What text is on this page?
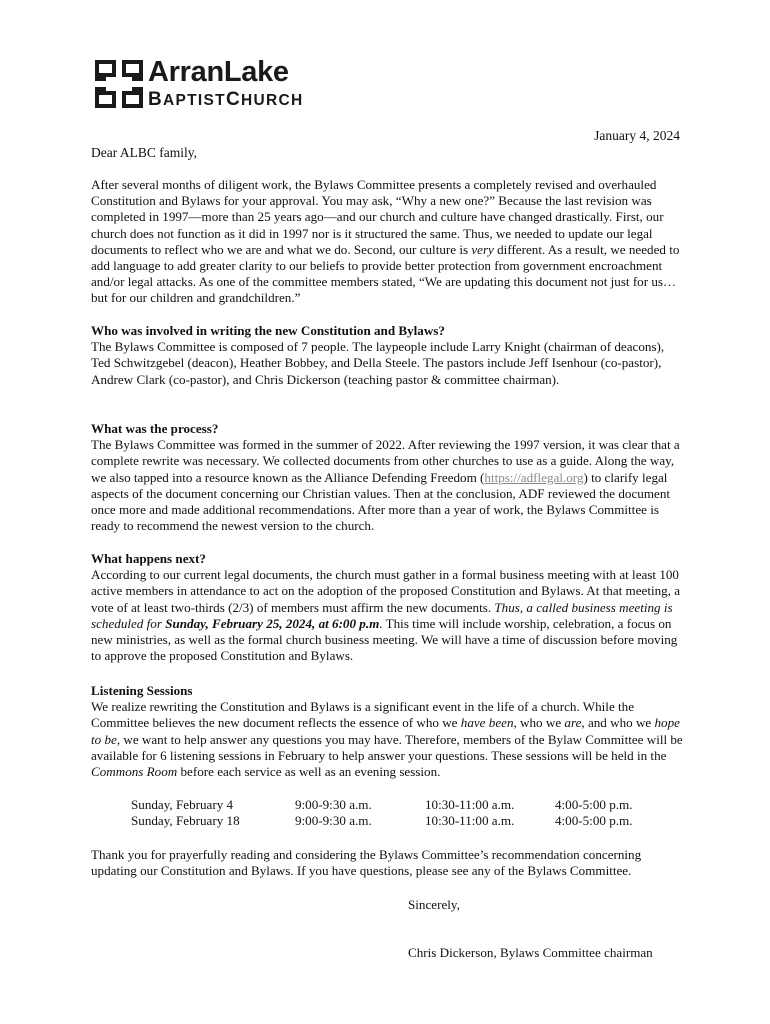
ArranLake
BAPTISTCHURCH
January 4, 2024
Dear ALBC family,

After several months of diligent work, the Bylaws Committee presents a completely revised and overhauled Constitution and Bylaws for your approval. You may ask, “Why a new one?” Because the last revision was completed in 1997—more than 25 years ago—and our church and culture have changed drastically. First, our church does not function as it did in 1997 nor is it structured the same. Thus, we needed to update our legal documents to reflect who we are and what we do. Second, our culture is very different. As a result, we needed to add language to add greater clarity to our beliefs to provide better protection from government encroachment and/or legal attacks. As one of the committee members stated, “We are updating this document not just for us…but for our children and grandchildren.”

Who was involved in writing the new Constitution and Bylaws?

The Bylaws Committee is composed of 7 people. The laypeople include Larry Knight (chairman of deacons), Ted Schwitzgebel (deacon), Heather Bobbey, and Della Steele. The pastors include Jeff Isenhour (co-pastor), Andrew Clark (co-pastor), and Chris Dickerson (teaching pastor & committee chairman).

What was the process?

The Bylaws Committee was formed in the summer of 2022. After reviewing the 1997 version, it was clear that a complete rewrite was necessary. We collected documents from other churches to use as a guide. Along the way, we also tapped into a resource known as the Alliance Defending Freedom (https://adflegal.org) to clarify legal aspects of the document concerning our Christian values. Then at the conclusion, ADF reviewed the document once more and made additional recommendations. After more than a year of work, the Bylaws Committee is ready to recommend the newest version to the church.

What happens next?

According to our current legal documents, the church must gather in a formal business meeting with at least 100 active members in attendance to act on the adoption of the proposed Constitution and Bylaws. At that meeting, a vote of at least two-thirds (2/3) of members must affirm the new documents. Thus, a called business meeting is scheduled for Sunday, February 25, 2024, at 6:00 p.m. This time will include worship, celebration, a focus on new ministries, as well as the formal church business meeting. We will have a time of discussion before moving to approve the proposed Constitution and Bylaws.

Listening Sessions

We realize rewriting the Constitution and Bylaws is a significant event in the life of a church. While the Committee believes the new document reflects the essence of who we have been, who we are, and who we hope to be, we want to help answer any questions you may have. Therefore, members of the Bylaw Committee will be available for 6 listening sessions in February to help answer your questions. These sessions will be held in the Commons Room before each service as well as an evening session.

Sunday, February 4	9:00-9:30 a.m.	10:30-11:00 a.m.	4:00-5:00 p.m.
Sunday, February 18	9:00-9:30 a.m.	10:30-11:00 a.m.	4:00-5:00 p.m.

Thank you for prayerfully reading and considering the Bylaws Committee’s recommendation concerning updating our Constitution and Bylaws. If you have questions, please see any of the Bylaws Committee.

Sincerely,
Chris Dickerson, Bylaws Committee chairman
